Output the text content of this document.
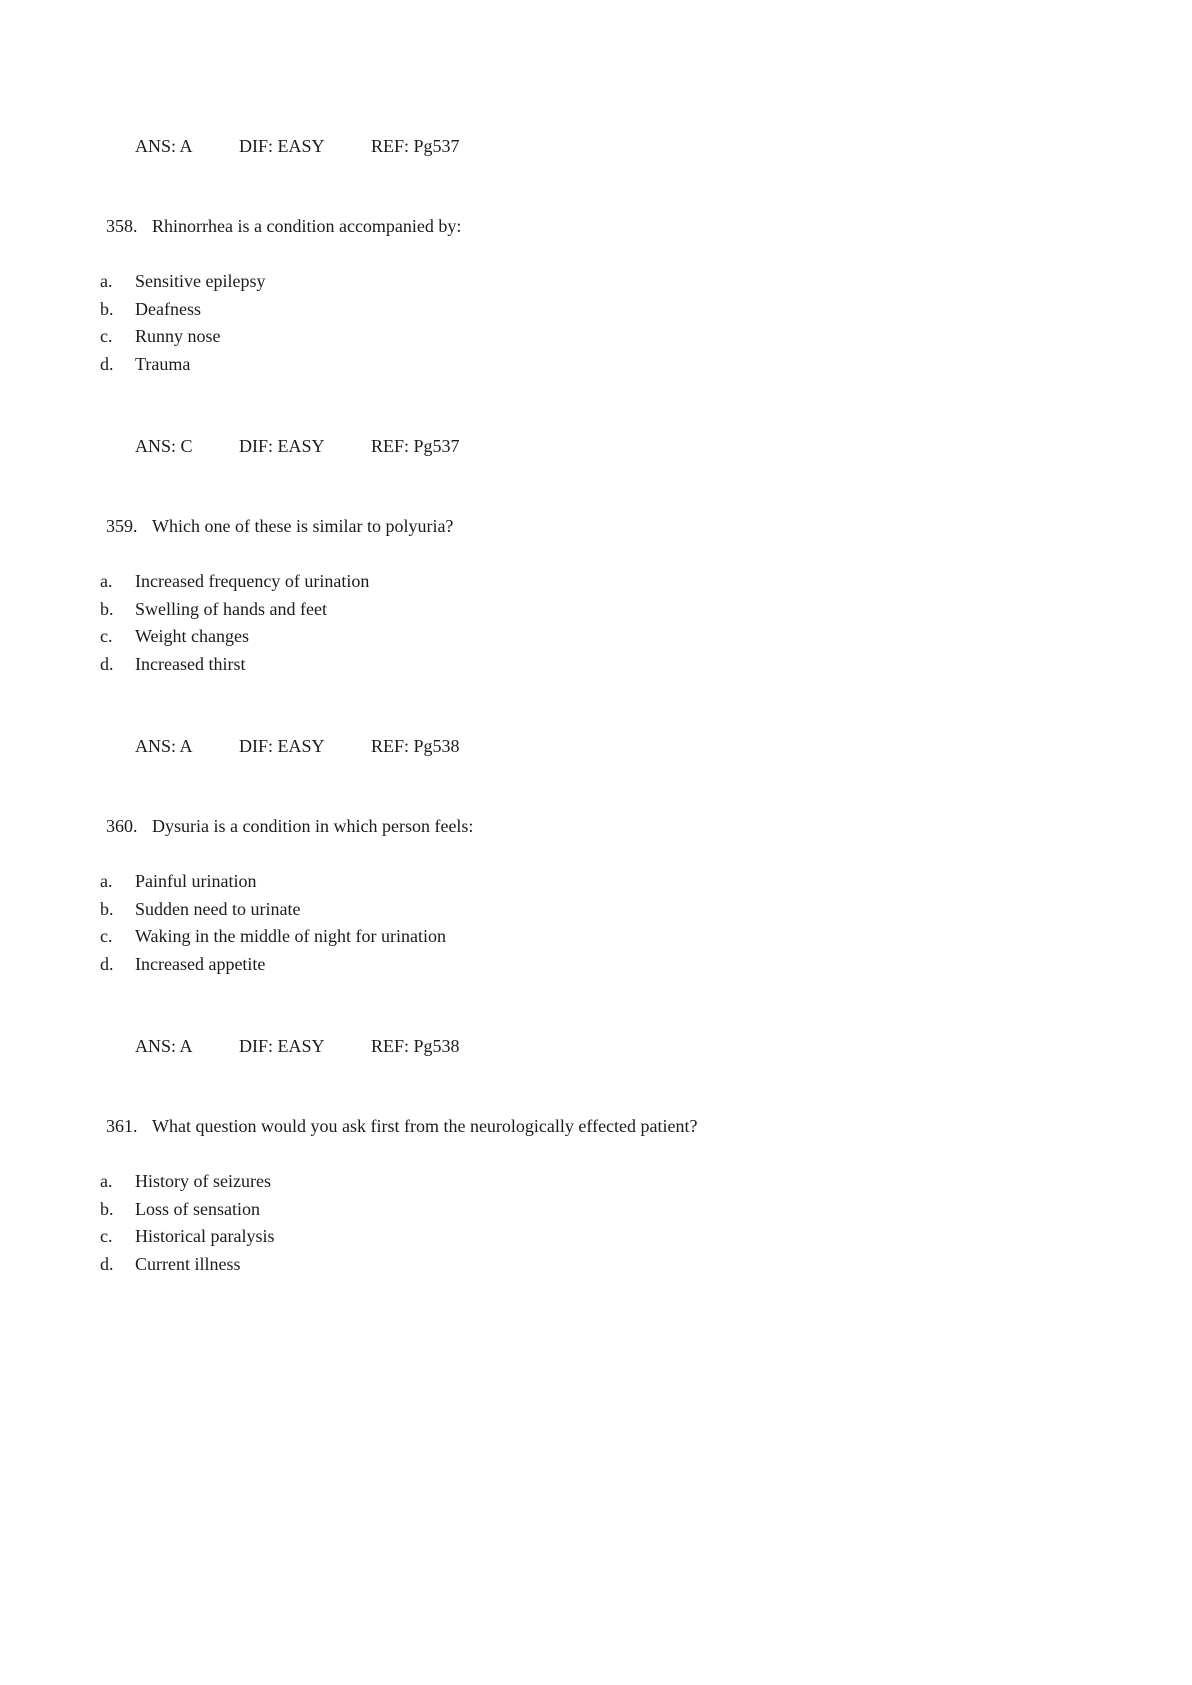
ANS: A	DIF: EASY	REF: Pg537
358. Rhinorrhea is a condition accompanied by:
a.	Sensitive epilepsy
b.	Deafness
c.	Runny nose
d.	Trauma
ANS: C	DIF: EASY	REF: Pg537
359. Which one of these is similar to polyuria?
a.	Increased frequency of urination
b.	Swelling of hands and feet
c.	Weight changes
d.	Increased thirst
ANS: A	DIF: EASY	REF: Pg538
360. Dysuria is a condition in which person feels:
a.	Painful urination
b.	Sudden need to urinate
c.	Waking in the middle of night for urination
d.	Increased appetite
ANS: A	DIF: EASY	REF: Pg538
361. What question would you ask first from the neurologically effected patient?
a.	History of seizures
b.	Loss of sensation
c.	Historical paralysis
d.	Current illness
